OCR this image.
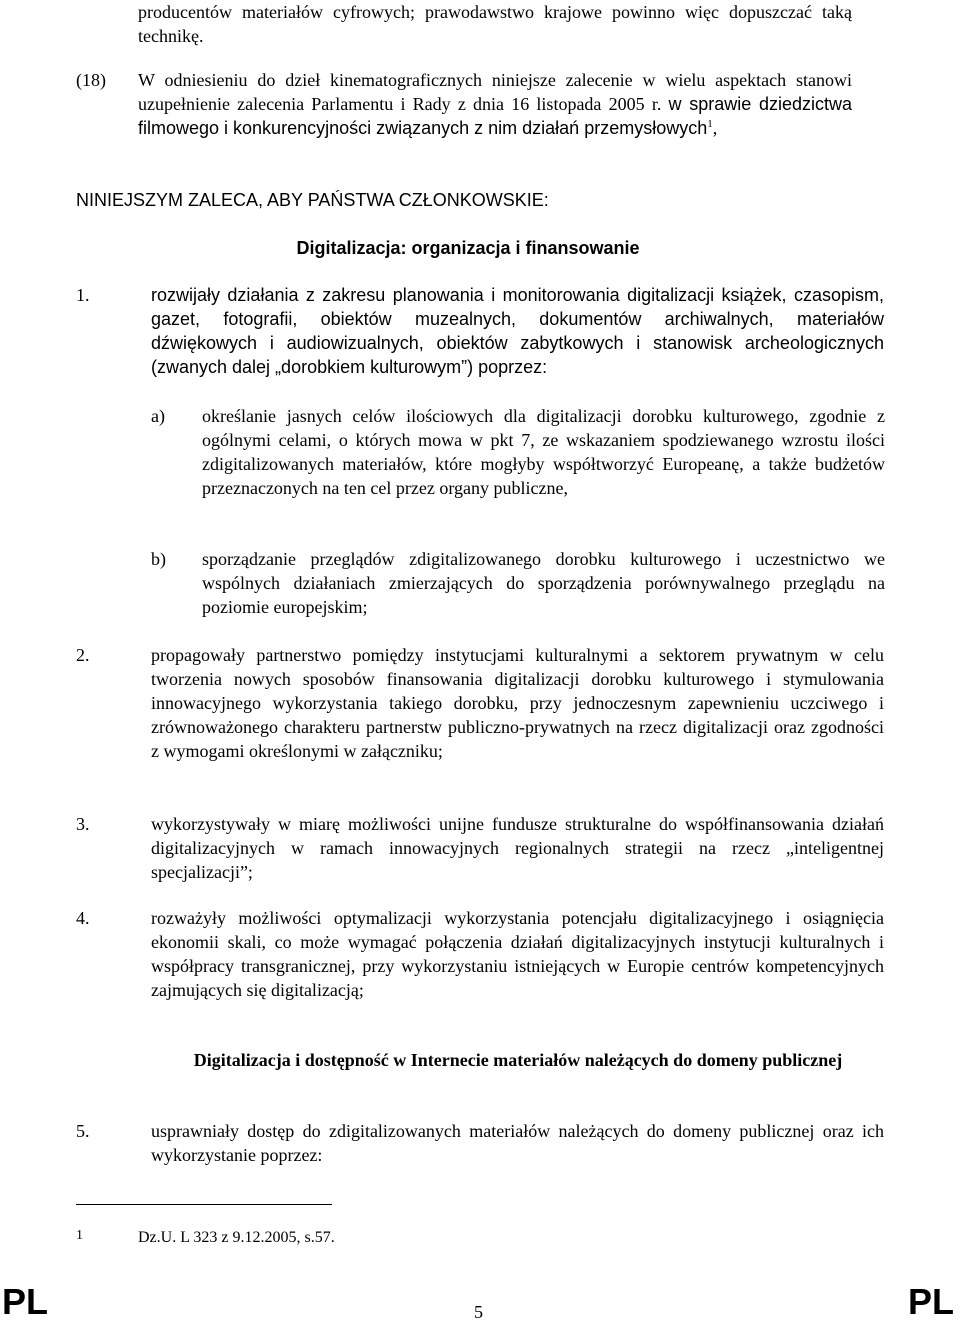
producentów materiałów cyfrowych; prawodawstwo krajowe powinno więc dopuszczać taką technikę.
(18) W odniesieniu do dzieł kinematograficznych niniejsze zalecenie w wielu aspektach stanowi uzupełnienie zalecenia Parlamentu i Rady z dnia 16 listopada 2005 r. w sprawie dziedzictwa filmowego i konkurencyjności związanych z nim działań przemysłowych$^1$,
NINIEJSZYM ZALECA, ABY PAŃSTWA CZŁONKOWSKIE:
Digitalizacja: organizacja i finansowanie
1.	rozwijały działania z zakresu planowania i monitorowania digitalizacji książek, czasopism, gazet, fotografii, obiektów muzealnych, dokumentów archiwalnych, materiałów dźwiękowych i audiowizualnych, obiektów zabytkowych i stanowisk archeologicznych (zwanych dalej „dorobkiem kulturowym”) poprzez:
a) określanie jasnych celów ilościowych dla digitalizacji dorobku kulturowego, zgodnie z ogólnymi celami, o których mowa w pkt 7, ze wskazaniem spodziewanego wzrostu ilości zdigitalizowanych materiałów, które mogłyby współtworzyć Europeanę, a także budżetów przeznaczonych na ten cel przez organy publiczne,
b) sporządzanie przeglądów zdigitalizowanego dorobku kulturowego i uczestnictwo we wspólnych działaniach zmierzających do sporządzenia porównywalnego przeglądu na poziomie europejskim;
2.	propagowały partnerstwo pomiędzy instytucjami kulturalnymi a sektorem prywatnym w celu tworzenia nowych sposobów finansowania digitalizacji dorobku kulturowego i stymulowania innowacyjnego wykorzystania takiego dorobku, przy jednoczesnym zapewnieniu uczciwego i zrównoważonego charakteru partnerstw publiczno-prywatnych na rzecz digitalizacji oraz zgodności z wymogami określonymi w załączniku;
3.	wykorzystywały w miarę możliwości unijne fundusze strukturalne do współfinansowania działań digitalizacyjnych w ramach innowacyjnych regionalnych strategii na rzecz „inteligentnej specjalizacji”;
4.	rozważyły możliwości optymalizacji wykorzystania potencjału digitalizacyjnego i osiągnięcia ekonomii skali, co może wymagać połączenia działań digitalizacyjnych instytucji kulturalnych i współpracy transgranicznej, przy wykorzystaniu istniejących w Europie centrów kompetencyjnych zajmujących się digitalizacją;
Digitalizacja i dostępność w Internecie materiałów należących do domeny publicznej
5.	usprawniały dostęp do zdigitalizowanych materiałów należących do domeny publicznej oraz ich wykorzystanie poprzez:
1	Dz.U. L 323 z 9.12.2005, s.57.
PL	5	PL
